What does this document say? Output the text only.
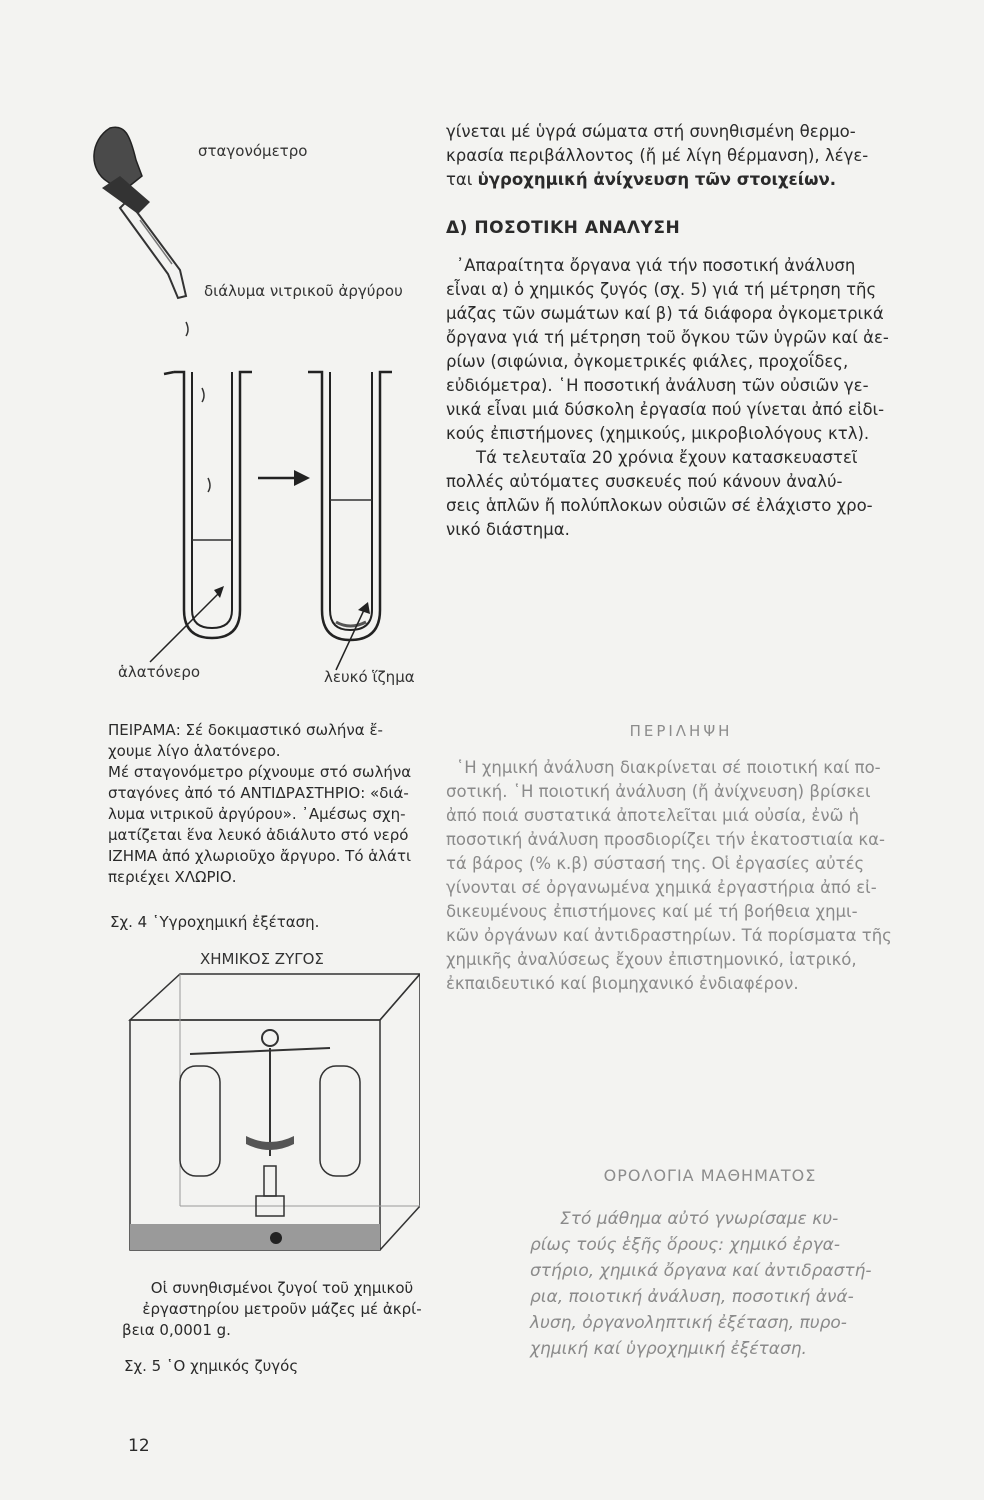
σταγονόμετρο
διάλυμα νιτρικοῦ ἀργύρου
ἁλατόνερο	λευκό ἵζημα
ΠΕΙΡΑΜΑ: Σέ δοκιμαστικό σωλήνα ἔ-
χουμε λίγο ἁλατόνερο.
Μέ σταγονόμετρο ρίχνουμε στό σωλήνα
σταγόνες ἀπό τό ΑΝΤΙΔΡΑΣΤΗΡΙΟ: «διά-
λυμα νιτρικοῦ ἀργύρου». ᾿Αμέσως σχη-
ματίζεται ἕνα λευκό ἀδιάλυτο στό νερό
ΙΖΗΜΑ ἀπό χλωριοῦχο ἄργυρο. Τό ἁλάτι
περιέχει ΧΛΩΡΙΟ.
Σχ. 4 ῾Υγροχημική ἐξέταση.
ΧΗΜΙΚΟΣ ΖΥΓΟΣ
Οἱ συνηθισμένοι ζυγοί τοῦ χημικοῦ
ἐργαστηρίου μετροῦν μάζες μέ ἀκρί-
βεια 0,0001 g.
Σχ. 5 ῾Ο χημικός ζυγός

γίνεται μέ ὑγρά σώματα στή συνηθισμένη θερμο-

κρασία περιβάλλοντος (ἤ μέ λίγη θέρμανση), λέγε-

ται ὑγροχημική ἀνίχνευση τῶν στοιχείων.

Δ) ΠΟΣΟΤΙΚΗ ΑΝΑΛΥΣΗ

᾿Απαραίτητα ὄργανα γιά τήν ποσοτική ἀνάλυση

εἶναι α) ὁ χημικός ζυγός (σχ. 5) γιά τή μέτρηση τῆς

μάζας τῶν σωμάτων καί β) τά διάφορα ὀγκομετρικά

ὄργανα γιά τή μέτρηση τοῦ ὄγκου τῶν ὑγρῶν καί ἀε-

ρίων (σιφώνια, ὀγκομετρικές φιάλες, προχοΐδες,

εὐδιόμετρα). ῾Η ποσοτική ἀνάλυση τῶν οὐσιῶν γε-

νικά εἶναι μιά δύσκολη ἐργασία πού γίνεται ἀπό εἰδι-

κούς ἐπιστήμονες (χημικούς, μικροβιολόγους κτλ).

Τά τελευταῖα 20 χρόνια ἔχουν κατασκευαστεῖ

πολλές αὐτόματες συσκευές πού κάνουν ἀναλύ-

σεις ἁπλῶν ἤ πολύπλοκων οὐσιῶν σέ ἐλάχιστο χρο-

νικό διάστημα.

ΠΕΡΙΛΗΨΗ

῾Η χημική ἀνάλυση διακρίνεται σέ ποιοτική καί πο-

σοτική. ῾Η ποιοτική ἀνάλυση (ἤ ἀνίχνευση) βρίσκει

ἀπό ποιά συστατικά ἀποτελεῖται μιά οὐσία, ἐνῶ ἡ

ποσοτική ἀνάλυση προσδιορίζει τήν ἑκατοστιαία κα-

τά βάρος (% κ.β) σύστασή της. Οἱ ἐργασίες αὐτές

γίνονται σέ ὀργανωμένα χημικά ἐργαστήρια ἀπό εἰ-

δικευμένους ἐπιστήμονες καί μέ τή βοήθεια χημι-

κῶν ὀργάνων καί ἀντιδραστηρίων. Τά πορίσματα τῆς

χημικῆς ἀναλύσεως ἔχουν ἐπιστημονικό, ἰατρικό,

ἐκπαιδευτικό καί βιομηχανικό ἐνδιαφέρον.

ΟΡΟΛΟΓΙΑ ΜΑΘΗΜΑΤΟΣ

Στό μάθημα αὐτό γνωρίσαμε κυ-

ρίως τούς ἑξῆς ὅρους: χημικό ἐργα-

στήριο, χημικά ὄργανα καί ἀντιδραστή-

ρια, ποιοτική ἀνάλυση, ποσοτική ἀνά-

λυση, ὀργανοληπτική ἐξέταση, πυρο-

χημική καί ὑγροχημική ἐξέταση.

12
